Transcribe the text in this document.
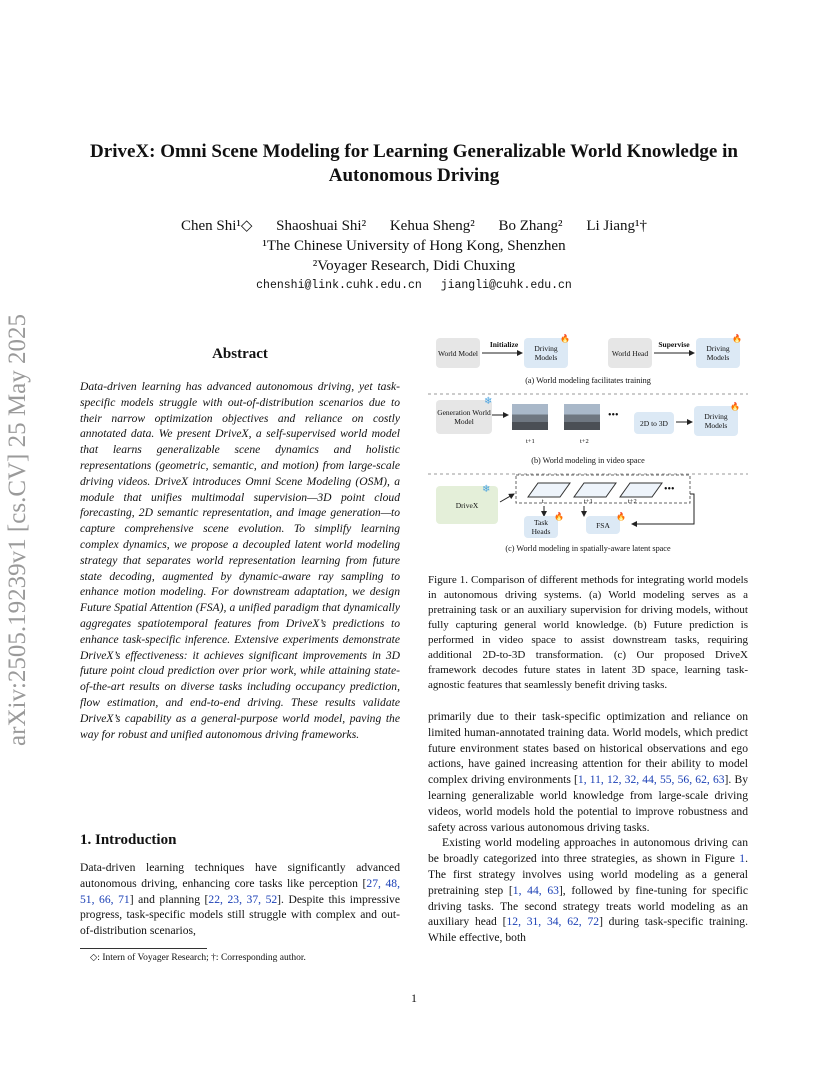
DriveX: Omni Scene Modeling for Learning Generalizable World Knowledge in
Autonomous Driving
Chen Shi¹◇ Shaoshuai Shi² Kehua Sheng² Bo Zhang² Li Jiang¹†
¹The Chinese University of Hong Kong, Shenzhen
²Voyager Research, Didi Chuxing
chenshi@link.cuhk.edu.cn jiangli@cuhk.edu.cn
arXiv:2505.19239v1 [cs.CV] 25 May 2025	Abstract
Data-driven learning has advanced autonomous driving, yet task-specific models struggle with out-of-distribution scenarios due to their narrow optimization objectives and reliance on costly annotated data. We present DriveX, a self-supervised world model that learns generalizable scene dynamics and holistic representations (geometric, semantic, and motion) from large-scale driving videos. DriveX introduces Omni Scene Modeling (OSM), a module that unifies multimodal supervision—3D point cloud forecasting, 2D semantic representation, and image generation—to capture comprehensive scene evolution. To simplify learning complex dynamics, we propose a decoupled latent world modeling strategy that separates world representation learning from future state decoding, augmented by dynamic-aware ray sampling to enhance motion modeling. For downstream adaptation, we design Future Spatial Attention (FSA), a unified paradigm that dynamically aggregates spatiotemporal features from DriveX’s predictions to enhance task-specific inference. Extensive experiments demonstrate DriveX’s effectiveness: it achieves significant improvements in 3D future point cloud prediction over prior work, while attaining state-of-the-art results on diverse tasks including occupancy prediction, flow estimation, and end-to-end driving. These results validate DriveX’s capability as a general-purpose world model, paving the way for robust and unified autonomous driving frameworks.
1. Introduction
Data-driven learning techniques have significantly advanced autonomous driving, enhancing core tasks like perception [27, 48, 51, 66, 71] and planning [22, 23, 37, 52]. Despite this impressive progress, task-specific models still struggle with complex and out-of-distribution scenarios,
◇: Intern of Voyager Research; †: Corresponding author.
1
World Model
Initialize	Driving Models
🔥
World Head
Supervise	Driving Models
🔥
(a) World modeling facilitates training
Generation World Model
❄
t+1	t+2
•••
2D to 3D
Driving Models
🔥
(b) World modeling in video space
DriveX
❄
t	t+1	t+2
•••
Task Heads
🔥
FSA
🔥
(c) World modeling in spatially-aware latent space
Figure 1. Comparison of different methods for integrating world models in autonomous driving systems. (a) World modeling serves as a pretraining task or an auxiliary supervision for driving models, without fully capturing general world knowledge. (b) Future prediction is performed in video space to assist downstream tasks, requiring additional 2D-to-3D transformation. (c) Our proposed DriveX framework decodes future states in latent 3D space, learning task-agnostic features that seamlessly benefit driving tasks.

primarily due to their task-specific optimization and reliance on limited human-annotated training data. World models, which predict future environment states based on historical observations and ego actions, have gained increasing attention for their ability to model complex driving environments [1, 11, 12, 32, 44, 55, 56, 62, 63]. By learning generalizable world knowledge from large-scale driving videos, world models hold the potential to improve robustness and safety across various autonomous driving tasks.

Existing world modeling approaches in autonomous driving can be broadly categorized into three strategies, as shown in Figure 1. The first strategy involves using world modeling as a general pretraining step [1, 44, 63], followed by fine-tuning for specific driving tasks. The second strategy treats world modeling as an auxiliary head [12, 31, 34, 62, 72] during task-specific training. While effective, both
